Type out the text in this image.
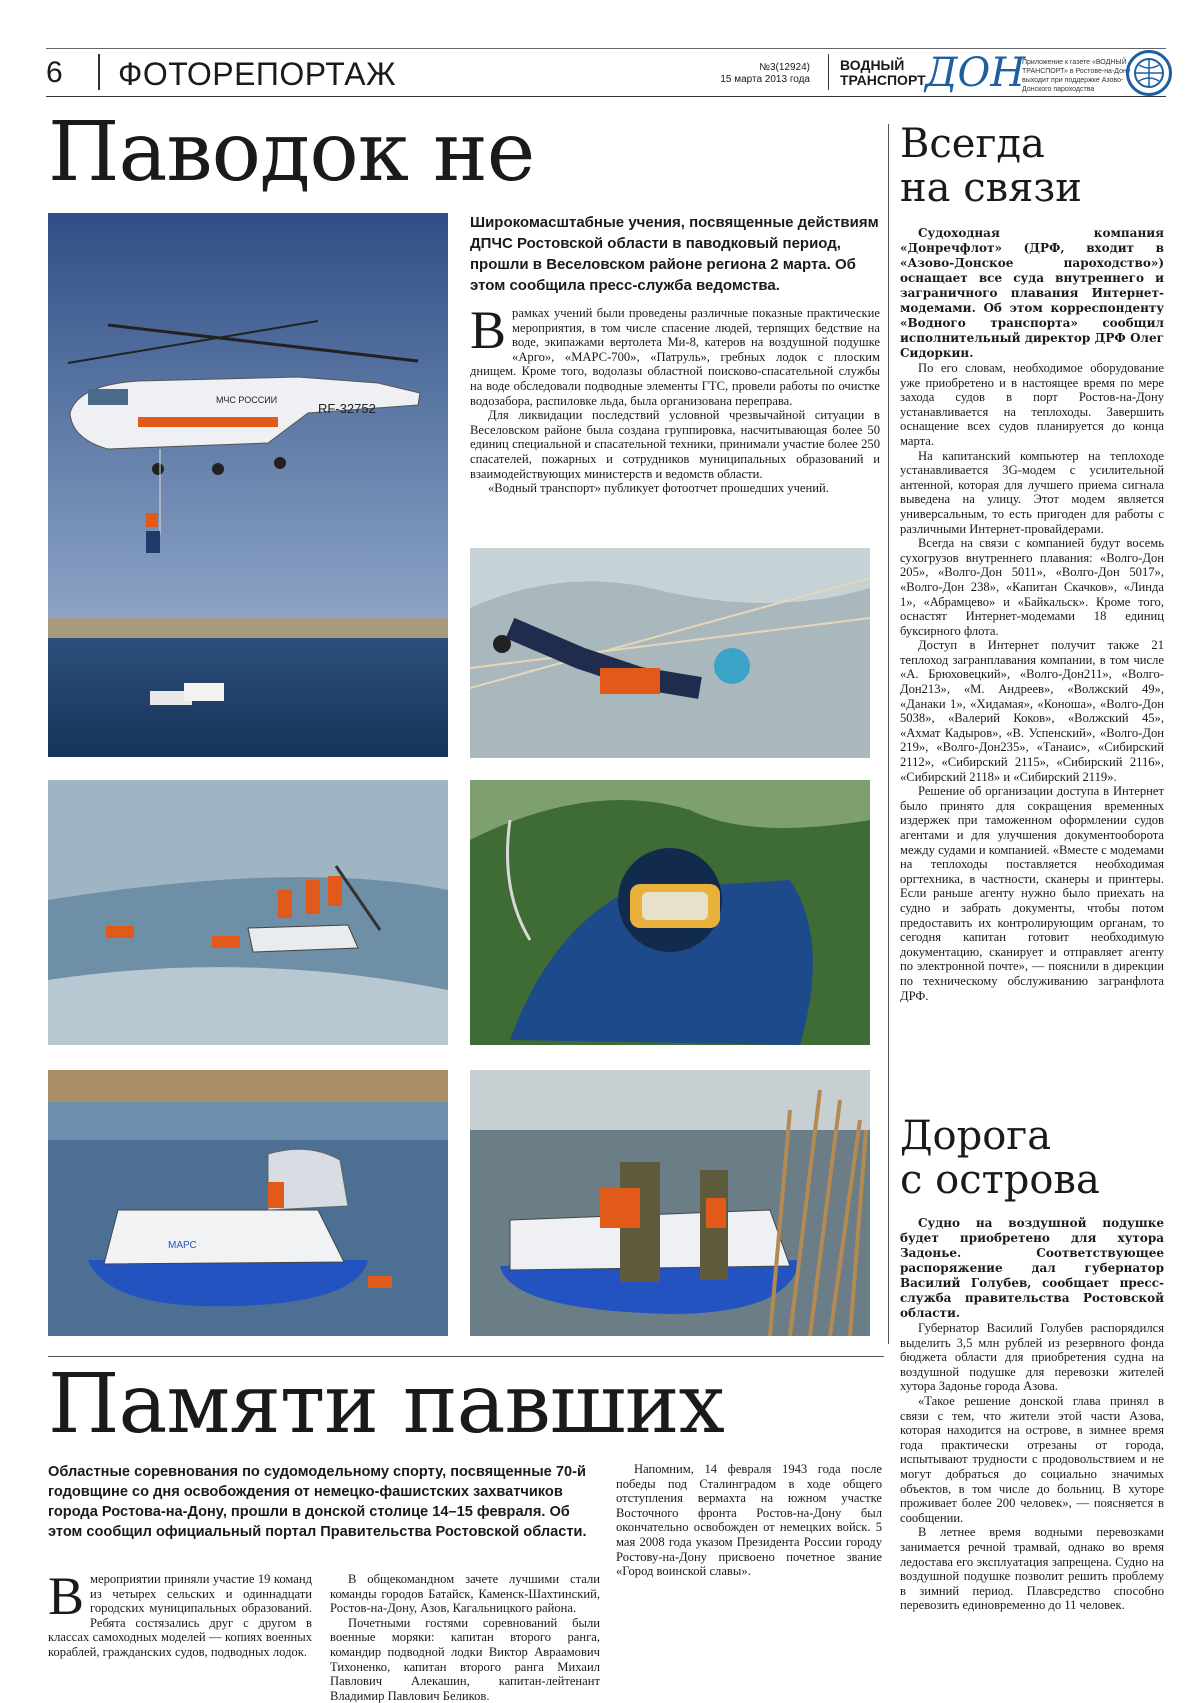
6 ФОТОРЕПОРТАЖ	№3(12924)
15 марта 2013 года
ВОДНЫЙ
ТРАНСПОРТ ДОН
Приложение к газете «ВОДНЫЙ ТРАНСПОРТ» в Ростове-на-Дону выходит при поддержке Азово-Донского пароходства
Паводок не
RF-32752
МЧС РОССИИ
Широкомасштабные учения, посвященные действиям ДПЧС Ростовской области в паводковый период, прошли в Веселовском районе региона 2 марта. Об этом сообщила пресс-служба ведомства.
В рамках учений были проведены различные показные практические мероприятия, в том числе спасение людей, терпящих бедствие на воде, экипажами вертолета Ми-8, катеров на воздушной подушке «Арго», «МАРС-700», «Патруль», гребных лодок с плоским днищем. Кроме того, водолазы областной поисково-спасательной службы на воде обследовали подводные элементы ГТС, провели работы по очистке водозабора, распиловке льда, была организована переправа.

Для ликвидации последствий условной чрезвычайной ситуации в Веселовском районе была создана группировка, насчитывающая более 50 единиц специальной и спасательной техники, принимали участие более 250 спасателей, пожарных и сотрудников муниципальных образований и взаимодействующих министерств и ведомств области.

«Водный транспорт» публикует фотоотчет прошедших учений.

МАРС
Всегда
на связи
Судоходная компания «Донречфлот» (ДРФ, входит в «Азово-Донское пароходство») оснащает все суда внутреннего и заграничного плавания Интернет-модемами. Об этом корреспонденту «Водного транспорта» сообщил исполнительный директор ДРФ Олег Сидоркин.

По его словам, необходимое оборудование уже приобретено и в настоящее время по мере захода судов в порт Ростов-на-Дону устанавливается на теплоходы. Завершить оснащение всех судов планируется до конца марта.

На капитанский компьютер на теплоходе устанавливается 3G-модем с усилительной антенной, которая для лучшего приема сигнала выведена на улицу. Этот модем является универсальным, то есть пригоден для работы с различными Интернет-провайдерами.

Всегда на связи с компанией будут восемь сухогрузов внутреннего плавания: «Волго-Дон 205», «Волго-Дон 5011», «Волго-Дон 5017», «Волго-Дон 238», «Капитан Скачков», «Линда 1», «Абрамцево» и «Байкальск». Кроме того, оснастят Интернет-модемами 18 единиц буксирного флота.

Доступ в Интернет получит также 21 теплоход загранплавания компании, в том числе «А. Брюховецкий», «Волго-Дон211», «Волго-Дон213», «М. Андреев», «Волжский 49», «Данаки 1», «Хидамая», «Коноша», «Волго-Дон 5038», «Валерий Коков», «Волжский 45», «Ахмат Кадыров», «В. Успенский», «Волго-Дон 219», «Волго-Дон235», «Танаис», «Сибирский 2112», «Сибирский 2115», «Сибирский 2116», «Сибирский 2118» и «Сибирский 2119».

Решение об организации доступа в Интернет было принято для сокращения временных издержек при таможенном оформлении судов агентами и для улучшения документооборота между судами и компанией. «Вместе с модемами на теплоходы поставляется необходимая оргтехника, в частности, сканеры и принтеры. Если раньше агенту нужно было приехать на судно и забрать документы, чтобы потом предоставить их контролирующим органам, то сегодня капитан готовит необходимую документацию, сканирует и отправляет агенту по электронной почте», — пояснили в дирекции по техническому обслуживанию загранфлота ДРФ.

Дорога
с острова
Судно на воздушной подушке будет приобретено для хутора Задонье. Соответствующее распоряжение дал губернатор Василий Голубев, сообщает пресс-служба правительства Ростовской области.

Губернатор Василий Голубев распорядился выделить 3,5 млн рублей из резервного фонда бюджета области для приобретения судна на воздушной подушке для перевозки жителей хутора Задонье города Азова.

«Такое решение донской глава принял в связи с тем, что жители этой части Азова, которая находится на острове, в зимнее время года практически отрезаны от города, испытывают трудности с продовольствием и не могут добраться до социально значимых объектов, в том числе до больниц. В хуторе проживает более 200 человек», — поясняется в сообщении.

В летнее время водными перевозками занимается речной трамвай, однако во время ледостава его эксплуатация запрещена. Судно на воздушной подушке позволит решить проблему в зимний период. Плавсредство способно перевозить единовременно до 11 человек.

Памяти павших
Областные соревнования по судомодельному спорту, посвященные 70-й годовщине со дня освобождения от немецко-фашистских захватчиков города Ростова-на-Дону, прошли в донской столице 14–15 февраля. Об этом сообщил официальный портал Правительства Ростовской области.
В мероприятии приняли участие 19 команд из четырех сельских и одиннадцати городских муниципальных образований. Ребята состязались друг с другом в классах самоходных моделей — копиях военных кораблей, гражданских судов, подводных лодок.

В общекомандном зачете лучшими стали команды городов Батайск, Каменск-Шахтинский, Ростов-на-Дону, Азов, Кагальницкого района.

Почетными гостями соревнований были военные моряки: капитан второго ранга, командир подводной лодки Виктор Авраамович Тихоненко, капитан второго ранга Михаил Павлович Алекашин, капитан-лейтенант Владимир Павлович Беликов.

Напомним, 14 февраля 1943 года после победы под Сталинградом в ходе общего отступления вермахта на южном участке Восточного фронта Ростов-на-Дону был окончательно освобожден от немецких войск. 5 мая 2008 года указом Президента России городу Ростову-на-Дону присвоено почетное звание «Город воинской славы».
